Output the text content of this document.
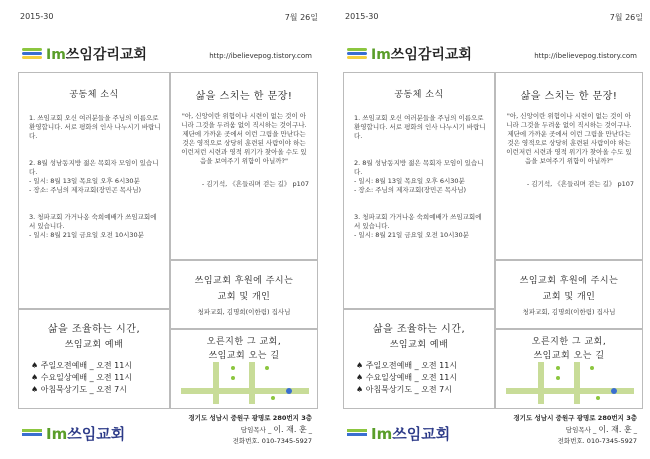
2015-30	7월 26일
Im쓰임감리교회	http://ibelievepog.tistory.com
공동체 소식

1. 쓰임교회 오신 여러분들을 주님의 이름으로 환영합니다. 서로 평화의 인사 나누시기 바랍니다.

2. 8월 성남동지방 젊은 목회자 모임이 있습니다.

- 일시: 8월 13일 목요일 오후 6시30분

- 장소: 주님의 제자교회(장민곤 목사님)

3. 청파교회 가거나옹 숙희예배가 쓰임교회에서 있습니다.

- 일시: 8월 21일 금요일 오전 10시30분

삶을 스치는 한 문장!

"아, 신앙이란 위험이나 시련이 없는 것이 아니라 그것을 두려움 없이 직시하는 것이구나. 제단에 가까운 곳에서 이런 그림을 만난다는 것은 영적으로 상당히 훈련된 사람이야 하는 이런저런 시련과 영적 위기가 찾아올 수도 있음을 보여주기 위함이 아닐까?"

- 김기석, 《흔들리며 걷는 길》 p107

쓰임교회 후원에 주시는
교회 및 개인

청파교회, 김명희(이한림) 집사님

삶을 조율하는 시간,
쓰임교회 예배
♠ 주일오전예배 _ 오전 11시
♠ 수요일상예배 _ 오전 11시
♠ 아침묵상기도 _ 오전 7시
오른지한 그 교회,
쓰임교회 오는 길
Im쓰임교회
경기도 성남시 중원구 광명로 280번지 3층
담임목사 _ 이. 재. 훈 _
전화번호. 010-7345-5927
2015-30	7월 26일
Im쓰임감리교회	http://ibelievepog.tistory.com
공동체 소식

1. 쓰임교회 오신 여러분들을 주님의 이름으로 환영합니다. 서로 평화의 인사 나누시기 바랍니다.

2. 8월 성남동지방 젊은 목회자 모임이 있습니다.

- 일시: 8월 13일 목요일 오후 6시30분

- 장소: 주님의 제자교회(장민곤 목사님)

3. 청파교회 가거나옹 숙희예배가 쓰임교회에서 있습니다.

- 일시: 8월 21일 금요일 오전 10시30분

삶을 스치는 한 문장!

"아, 신앙이란 위험이나 시련이 없는 것이 아니라 그것을 두려움 없이 직시하는 것이구나. 제단에 가까운 곳에서 이런 그림을 만난다는 것은 영적으로 상당히 훈련된 사람이야 하는 이런저런 시련과 영적 위기가 찾아올 수도 있음을 보여주기 위함이 아닐까?"

- 김기석, 《흔들리며 걷는 길》 p107

쓰임교회 후원에 주시는
교회 및 개인

청파교회, 김명희(이한림) 집사님

삶을 조율하는 시간,
쓰임교회 예배
♠ 주일오전예배 _ 오전 11시
♠ 수요일상예배 _ 오전 11시
♠ 아침묵상기도 _ 오전 7시
오른지한 그 교회,
쓰임교회 오는 길
Im쓰임교회
경기도 성남시 중원구 광명로 280번지 3층
담임목사 _ 이. 재. 훈 _
전화번호. 010-7345-5927
